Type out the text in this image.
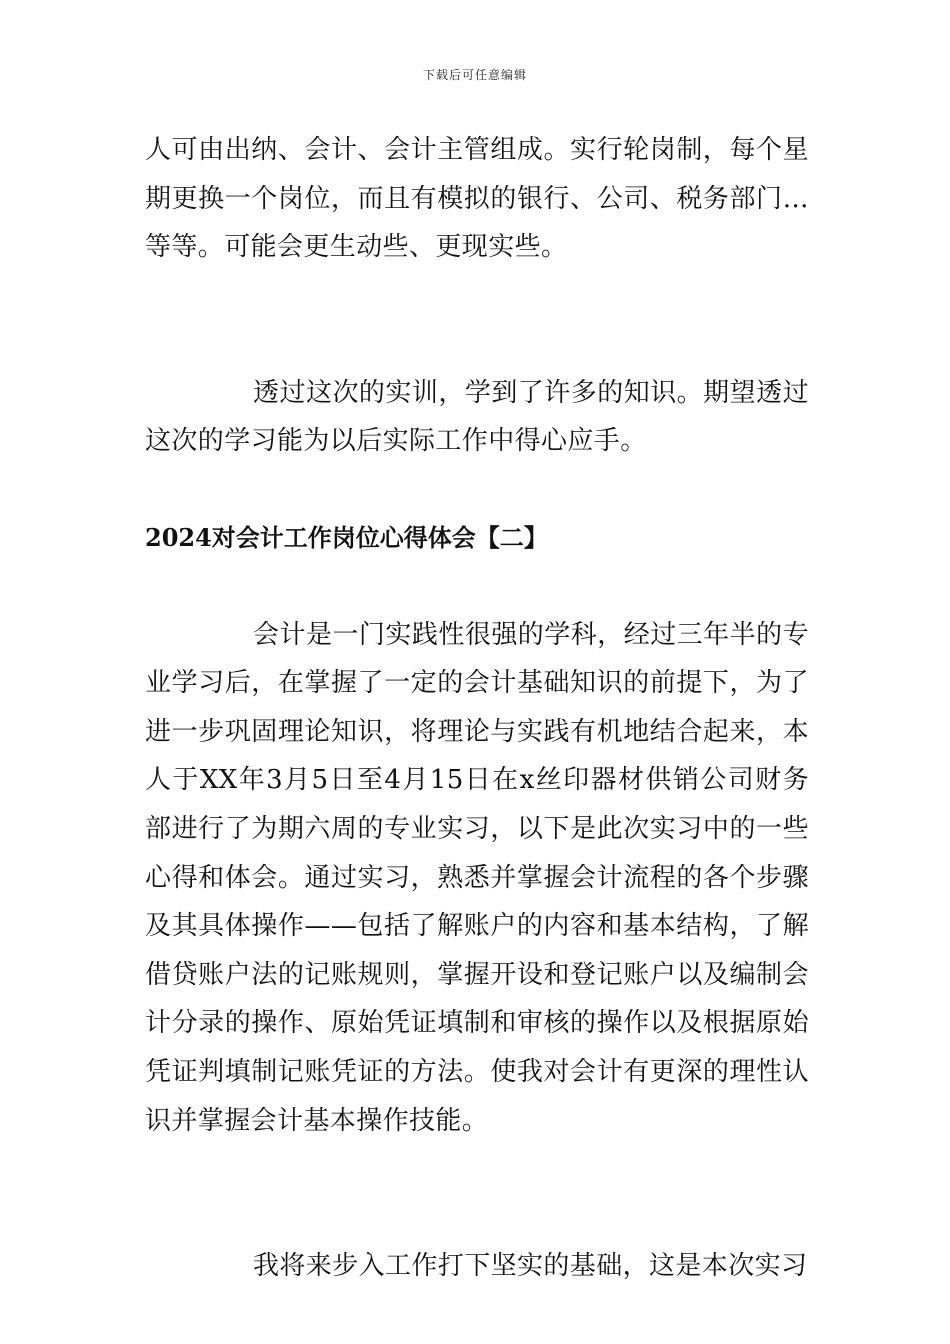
下载后可任意编辑

人可由出纳、会计、会计主管组成。实行轮岗制，每个星期更换一个岗位，而且有模拟的银行、公司、税务部门…等等。可能会更生动些、更现实些。

透过这次的实训，学到了许多的知识。期望透过这次的学习能为以后实际工作中得心应手。

2024对会计工作岗位心得体会【二】

会计是一门实践性很强的学科，经过三年半的专业学习后，在掌握了一定的会计基础知识的前提下，为了进一步巩固理论知识，将理论与实践有机地结合起来，本人于XX年3月5日至4月15日在x丝印器材供销公司财务部进行了为期六周的专业实习，以下是此次实习中的一些心得和体会。通过实习，熟悉并掌握会计流程的各个步骤及其具体操作——包括了解账户的内容和基本结构，了解借贷账户法的记账规则，掌握开设和登记账户以及编制会计分录的操作、原始凭证填制和审核的操作以及根据原始凭证判填制记账凭证的方法。使我对会计有更深的理性认识并掌握会计基本操作技能。

我将来步入工作打下坚实的基础，这是本次实习
